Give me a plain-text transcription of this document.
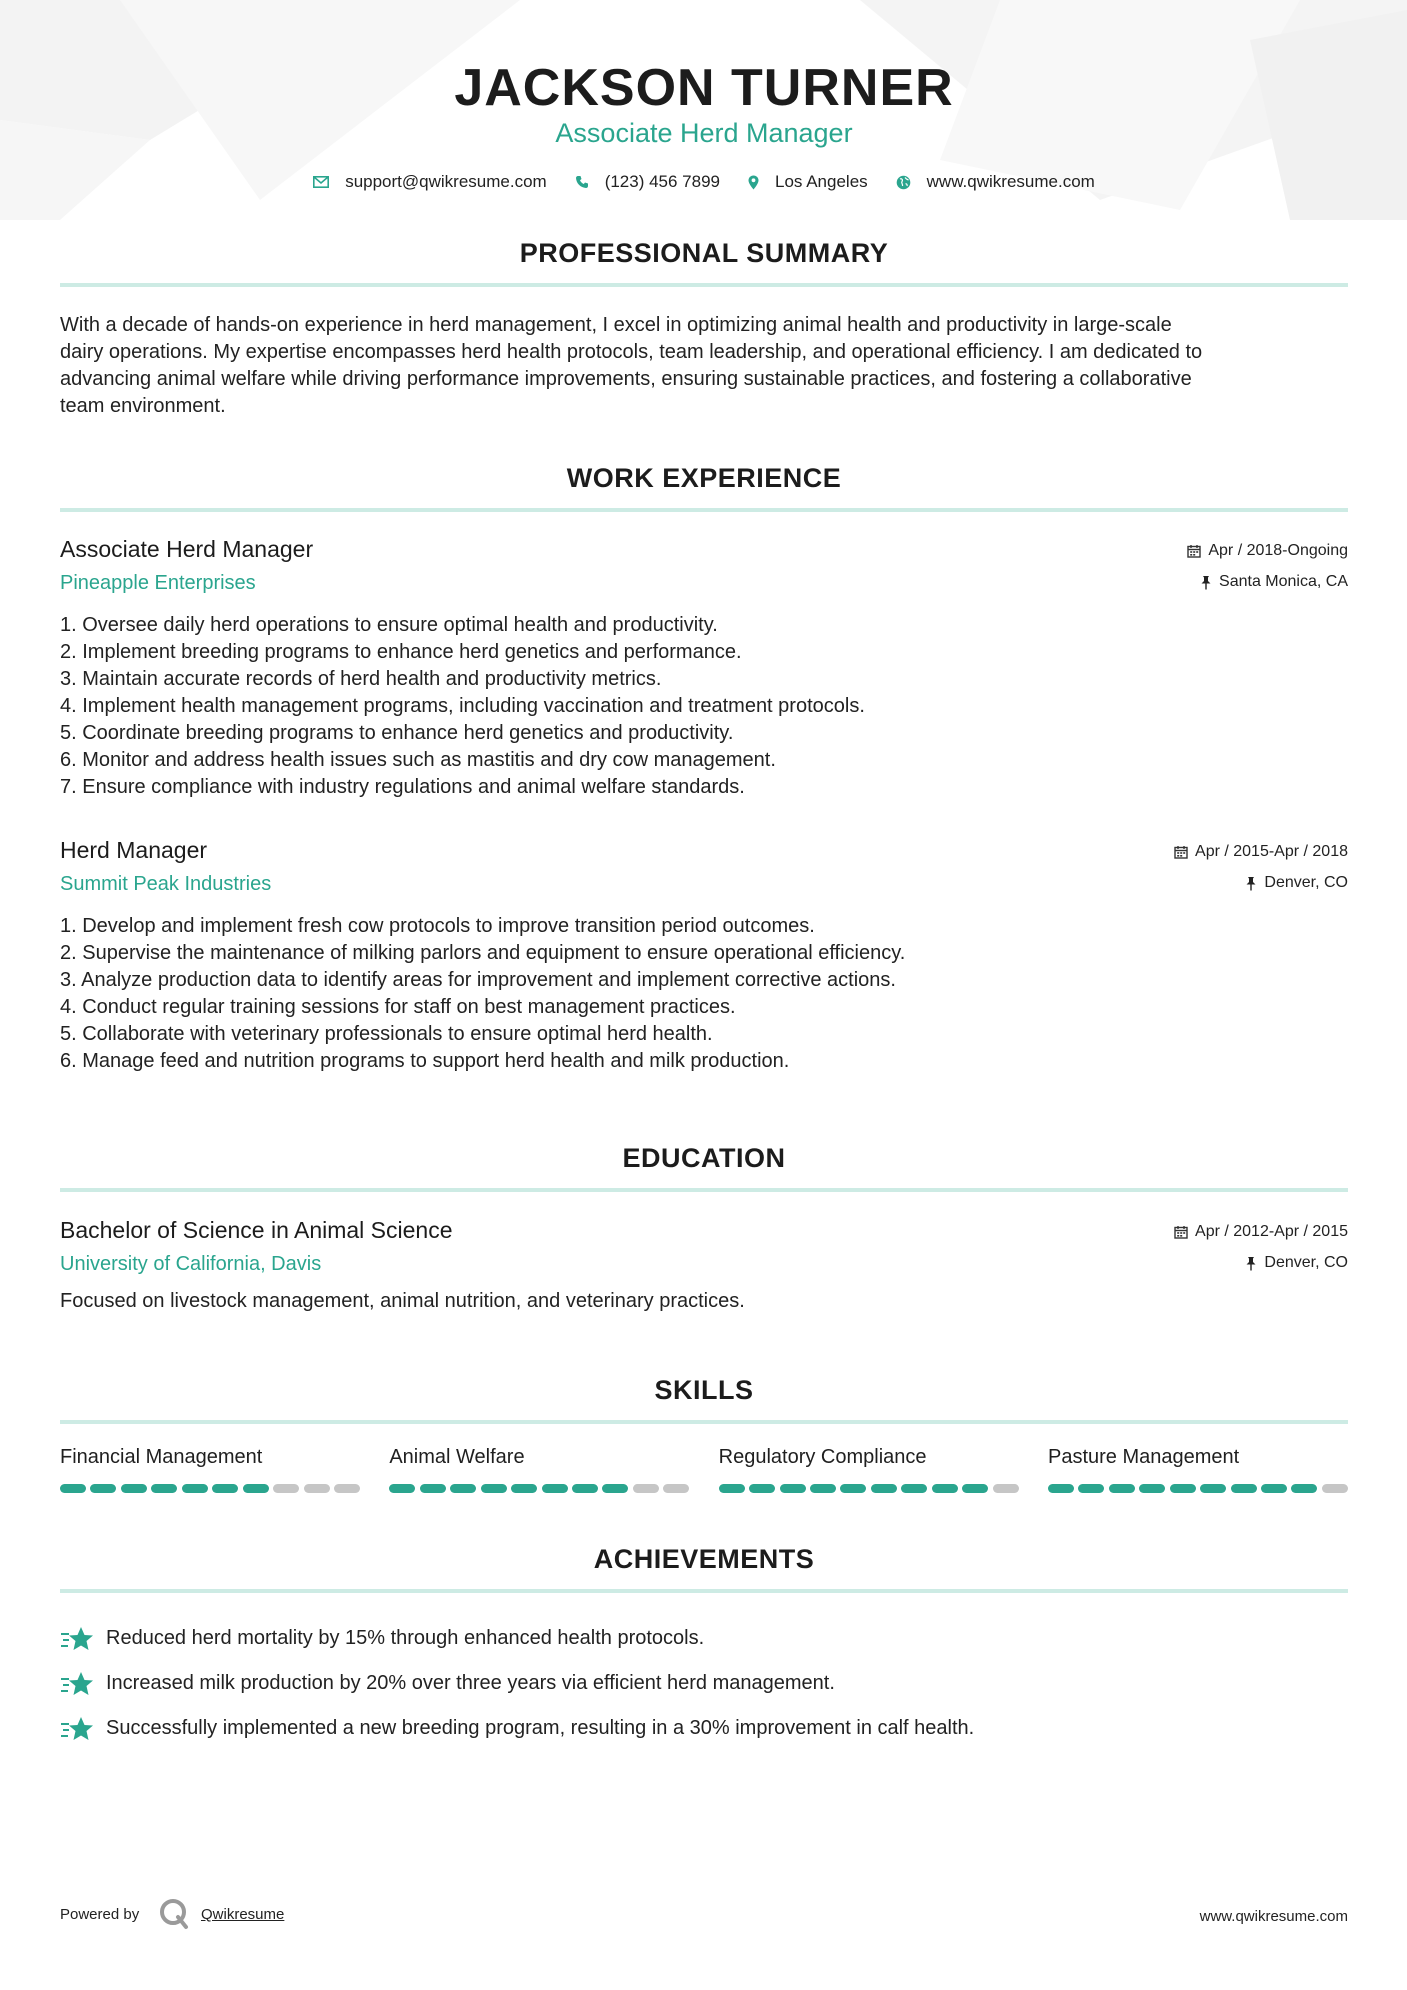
JACKSON TURNER
Associate Herd Manager
support@qwikresume.com	(123) 456 7899	Los Angeles	www.qwikresume.com
PROFESSIONAL SUMMARY
With a decade of hands-on experience in herd management, I excel in optimizing animal health and productivity in large-scale
dairy operations. My expertise encompasses herd health protocols, team leadership, and operational efficiency. I am dedicated to
advancing animal welfare while driving performance improvements, ensuring sustainable practices, and fostering a collaborative
team environment.
WORK EXPERIENCE
Associate Herd Manager
Pineapple Enterprises
Apr / 2018-Ongoing
Santa Monica, CA
1. Oversee daily herd operations to ensure optimal health and productivity.
2. Implement breeding programs to enhance herd genetics and performance.
3. Maintain accurate records of herd health and productivity metrics.
4. Implement health management programs, including vaccination and treatment protocols.
5. Coordinate breeding programs to enhance herd genetics and productivity.
6. Monitor and address health issues such as mastitis and dry cow management.
7. Ensure compliance with industry regulations and animal welfare standards.
Herd Manager
Summit Peak Industries
Apr / 2015-Apr / 2018
Denver, CO
1. Develop and implement fresh cow protocols to improve transition period outcomes.
2. Supervise the maintenance of milking parlors and equipment to ensure operational efficiency.
3. Analyze production data to identify areas for improvement and implement corrective actions.
4. Conduct regular training sessions for staff on best management practices.
5. Collaborate with veterinary professionals to ensure optimal herd health.
6. Manage feed and nutrition programs to support herd health and milk production.
EDUCATION
Bachelor of Science in Animal Science
University of California, Davis
Apr / 2012-Apr / 2015
Denver, CO
Focused on livestock management, animal nutrition, and veterinary practices.
SKILLS
Financial Management	Animal Welfare	Regulatory Compliance	Pasture Management
ACHIEVEMENTS
Reduced herd mortality by 15% through enhanced health protocols.
Increased milk production by 20% over three years via efficient herd management.
Successfully implemented a new breeding program, resulting in a 30% improvement in calf health.
Powered by	Qwikresume	www.qwikresume.com
